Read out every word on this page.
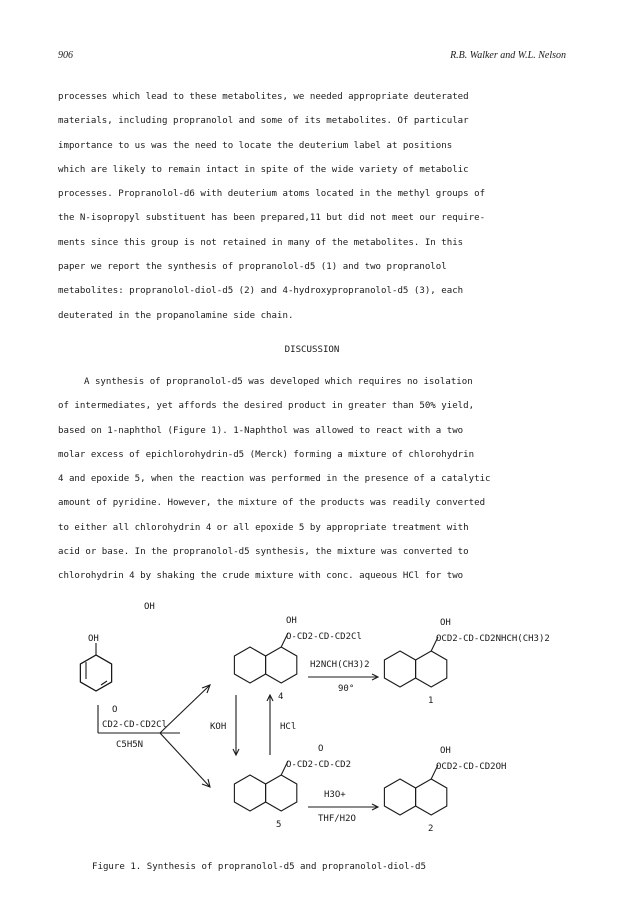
906	R.B. Walker and W.L. Nelson
processes which lead to these metabolites, we needed appropriate deuterated
materials, including propranolol and some of its metabolites. Of particular
importance to us was the need to locate the deuterium label at positions
which are likely to remain intact in spite of the wide variety of metabolic
processes. Propranolol-d6 with deuterium atoms located in the methyl groups of
the N-isopropyl substituent has been prepared,11 but did not meet our require-
ments since this group is not retained in many of the metabolites. In this
paper we report the synthesis of propranolol-d5 (1) and two propranolol
metabolites: propranolol-diol-d5 (2) and 4-hydroxypropranolol-d5 (3), each
deuterated in the propanolamine side chain.
DISCUSSION
A synthesis of propranolol-d5 was developed which requires no isolation
of intermediates, yet affords the desired product in greater than 50% yield,
based on 1-naphthol (Figure 1). 1-Naphthol was allowed to react with a two
molar excess of epichlorohydrin-d5 (Merck) forming a mixture of chlorohydrin
4 and epoxide 5, when the reaction was performed in the presence of a catalytic
amount of pyridine. However, the mixture of the products was readily converted
to either all chlorohydrin 4 or all epoxide 5 by appropriate treatment with
acid or base. In the propranolol-d5 synthesis, the mixture was converted to
chlorohydrin 4 by shaking the crude mixture with conc. aqueous HCl for two
OH
OH
OH
O-CD2-CD-CD2Cl
4
O
CD2-CD-CD2Cl
C5H5N
H2NCH(CH3)2
90°
OH
OCD2-CD-CD2NHCH(CH3)2
1
KOH	HCl
O
O-CD2-CD-CD2
5
H3O+
THF/H2O
OH
OCD2-CD-CD2OH
2
Figure 1. Synthesis of propranolol-d5 and propranolol-diol-d5
